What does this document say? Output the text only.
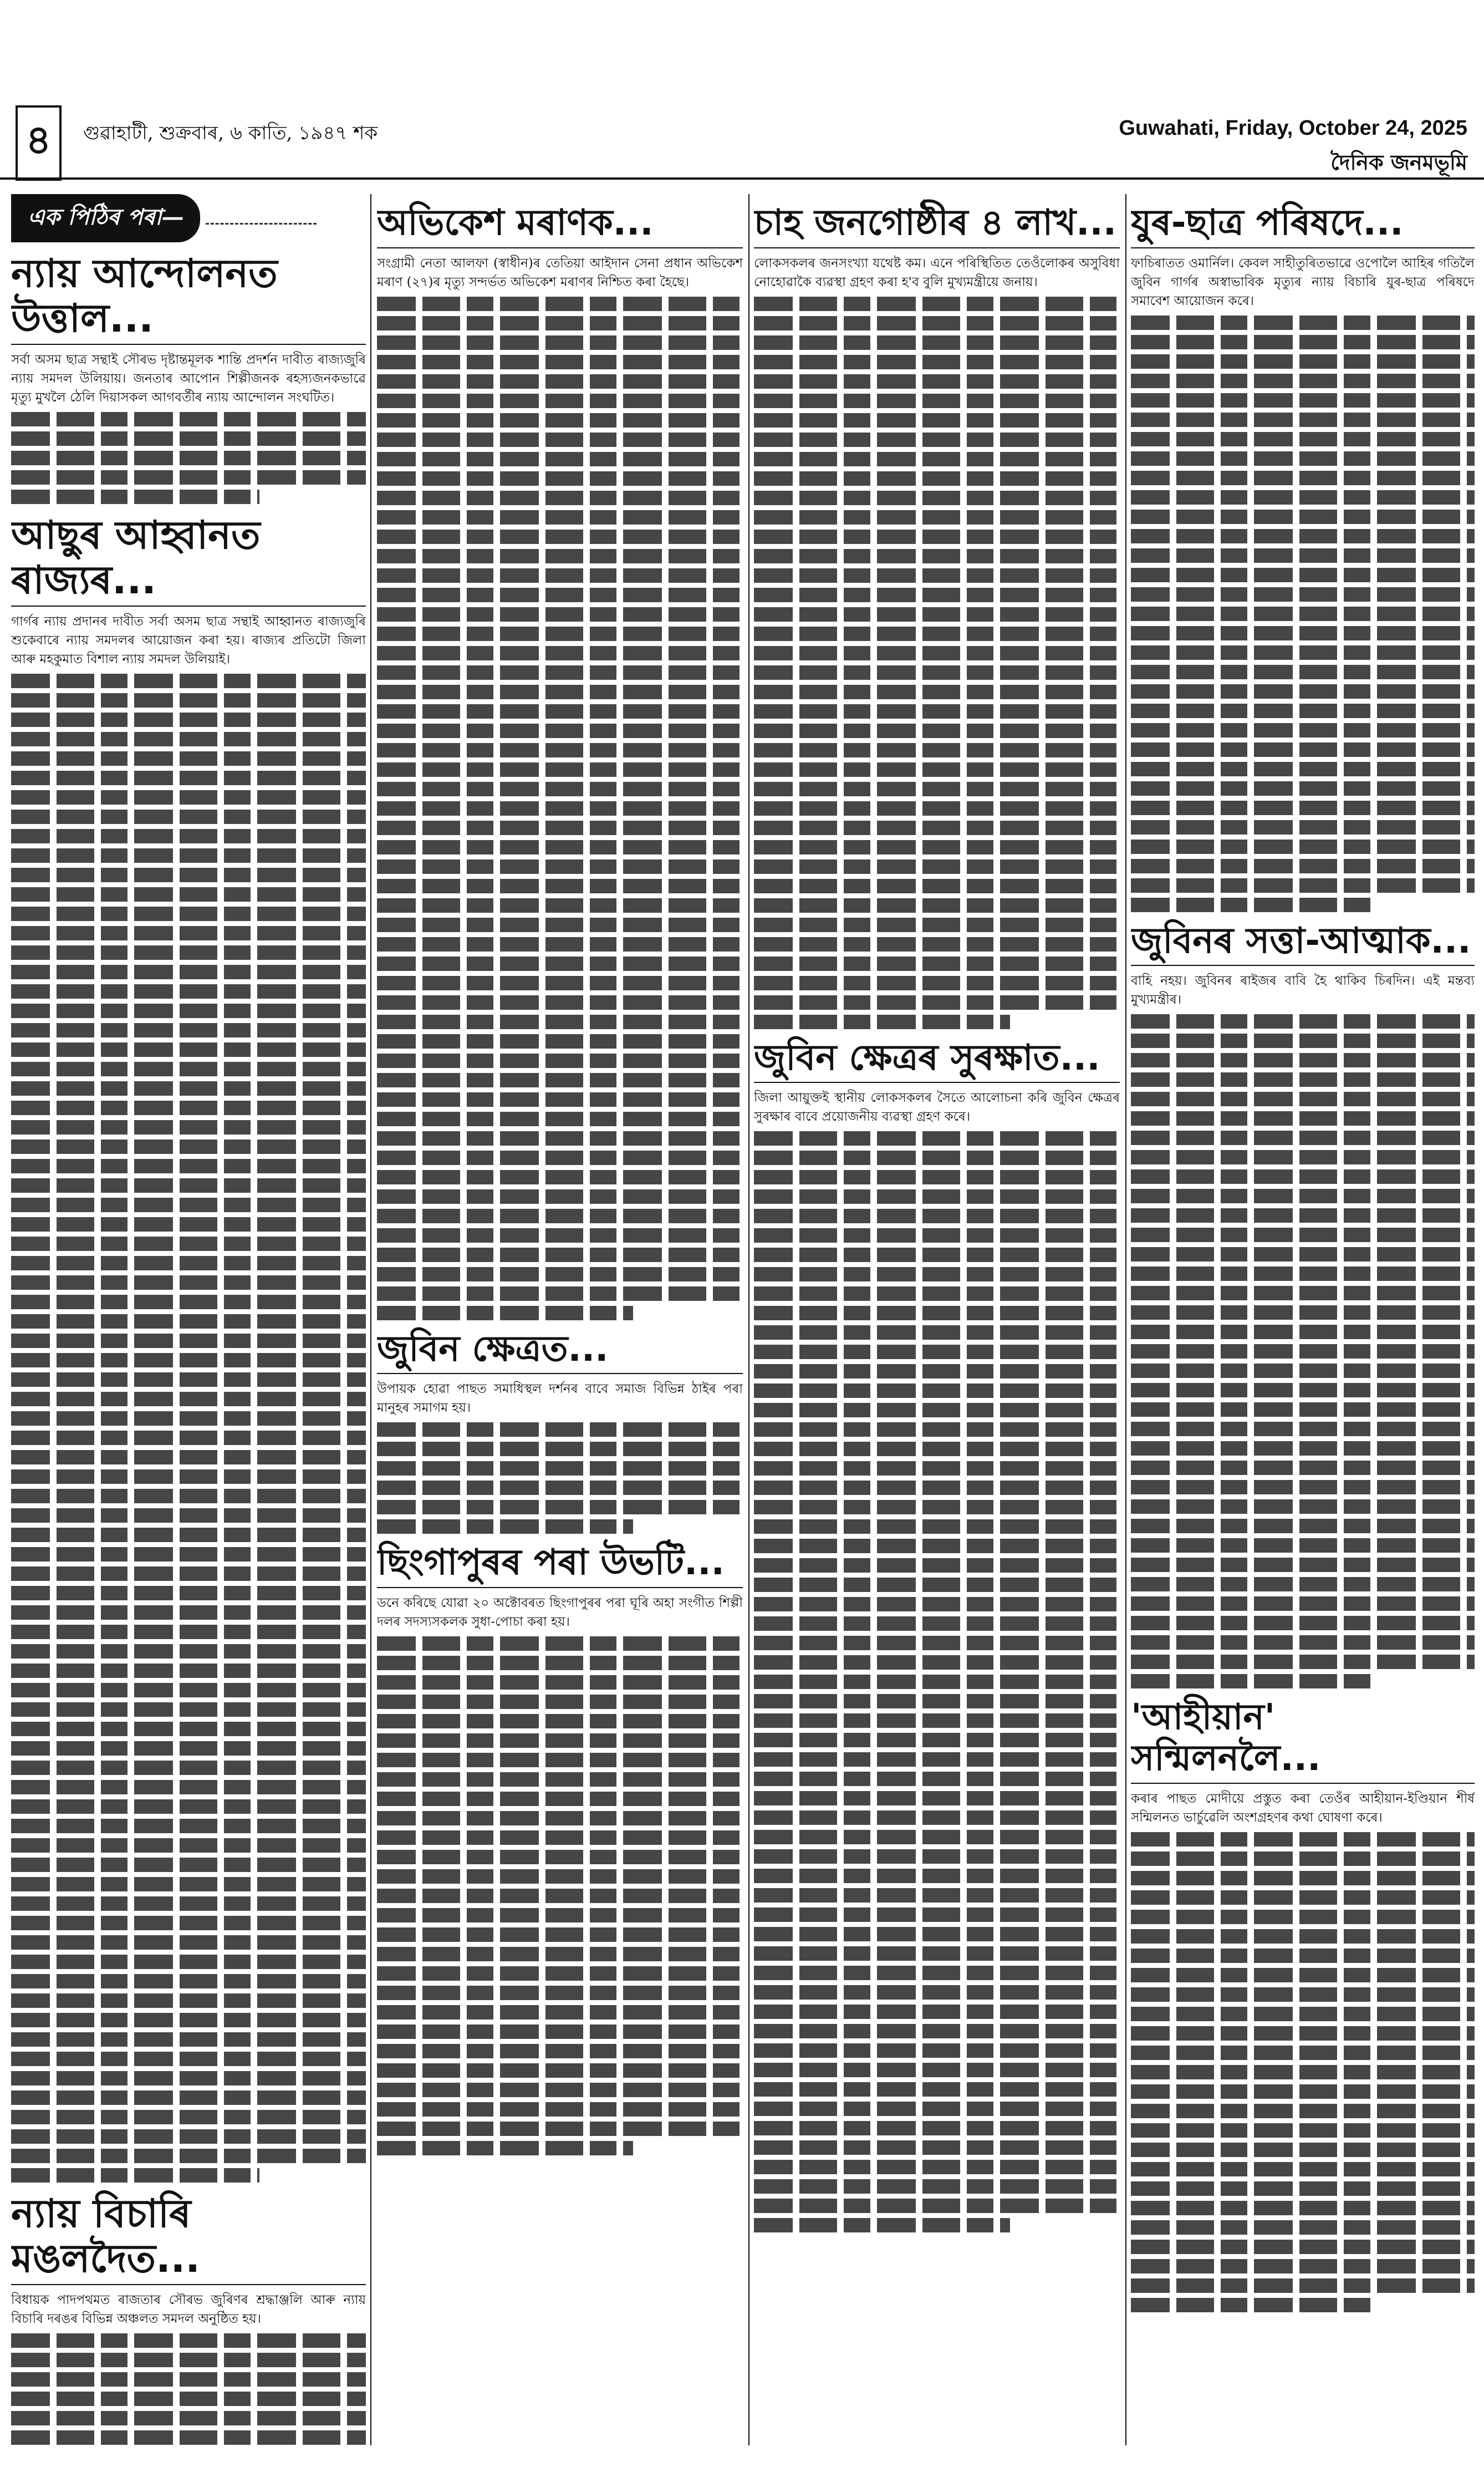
৪	গুৱাহাটী, শুক্ৰবাৰ, ৬ কাতি, ১৯৪৭ শক	Guwahati, Friday, October 24, 2025
দৈনিক জনমভূমি
এক পিঠিৰ পৰা—
ন্যায় আন্দোলনত উত্তাল...

সৰ্বা অসম ছাত্ৰ সন্থাই সৌৰভ দৃষ্টান্তমূলক শান্তি প্ৰদৰ্শন দাবীত ৰাজ্যজুৰি ন্যায় সমদল উলিয়ায়। জনতাৰ আপোন শিল্পীজনক ৰহস্যজনকভাৱে মৃত্যু মুখলৈ ঠেলি দিয়াসকল আগবৰ্তীৰ ন্যায় আন্দোলন সংঘটিত।

আছুৰ আহ্বানত ৰাজ্যৰ...

গাৰ্গৰ ন্যায় প্ৰদানৰ দাবীত সৰ্বা অসম ছাত্ৰ সন্থাই আহ্বানত ৰাজ্যজুৰি শুকেবাৰে ন্যায় সমদলৰ আয়োজন কৰা হয়। ৰাজ্যৰ প্ৰতিটো জিলা আৰু মহকুমাত বিশাল ন্যায় সমদল উলিয়াই।

ন্যায় বিচাৰি মঙলদৈত...

বিধায়ক পাদপথমত ৰাজতাৰ সৌৰভ জুৰিণৰ শ্ৰদ্ধাঞ্জলি আৰু ন্যায় বিচাৰি দৰঙৰ বিভিন্ন অঞ্চলত সমদল অনুষ্ঠিত হয়।

অভিকেশ মৰাণক...

সংগ্ৰামী নেতা আলফা (স্বাধীন)ৰ তেতিয়া আইদান সেনা প্ৰধান অভিকেশ মৰাণ (২৭)ৰ মৃত্যু সন্দৰ্ভত অভিকেশ মৰাণৰ নিশ্চিত কৰা হৈছে।

জুবিন ক্ষেত্ৰত...

উপায়ক হোৱা পাছত সমাধিস্থল দৰ্শনৰ বাবে সমাজ বিভিন্ন ঠাইৰ পৰা মানুহৰ সমাগম হয়।

ছিংগাপুৰৰ পৰা উভটি...

ডনে কৰিছে যোৱা ২০ অক্টোবৰত ছিংগাপুৰৰ পৰা ঘূৰি অহা সংগীত শিল্পী দলৰ সদস্যসকলক সুধা-পোচা কৰা হয়।

চাহ জনগোষ্ঠীৰ ৪ লাখ...

লোকসকলৰ জনসংখ্যা যথেষ্ট কম। এনে পৰিস্থিতিত তেওঁলোকৰ অসুবিধা নোহোৱাকৈ ব্যৱস্থা গ্ৰহণ কৰা হ'ব বুলি মুখ্যমন্ত্ৰীয়ে জনায়।

জুবিন ক্ষেত্ৰৰ সুৰক্ষাত...

জিলা আয়ুক্তই স্থানীয় লোকসকলৰ সৈতে আলোচনা কৰি জুবিন ক্ষেত্ৰৰ সুৰক্ষাৰ বাবে প্ৰয়োজনীয় ব্যৱস্থা গ্ৰহণ কৰে।

যুৰ-ছাত্ৰ পৰিষদে...

ফাচিৰাতত ওমাৰ্নিল। কেবল সাহীতুৰিতভাৱে ওপোলৈ আহিৰ গতিলৈ জুবিন গাৰ্গৰ অস্বাভাবিক মৃত্যুৰ ন্যায় বিচাৰি যুৰ-ছাত্ৰ পৰিষদে সমাবেশ আয়োজন কৰে।

জুবিনৰ সত্তা-আত্মাক...

বাহি নহয়। জুবিনৰ ৰাইজৰ বাবি হৈ থাকিব চিৰদিন। এই মন্তব্য মুখ্যমন্ত্ৰীৰ।

'আহীয়ান' সন্মিলনলৈ...

কৰাৰ পাছত মোদীয়ে প্ৰস্তুত কৰা তেওঁৰ আহীয়ান-ইণ্ডিয়ান শীৰ্ষ সন্মিলনত ভাৰ্চুৱেলি অংশগ্ৰহণৰ কথা ঘোষণা কৰে।
